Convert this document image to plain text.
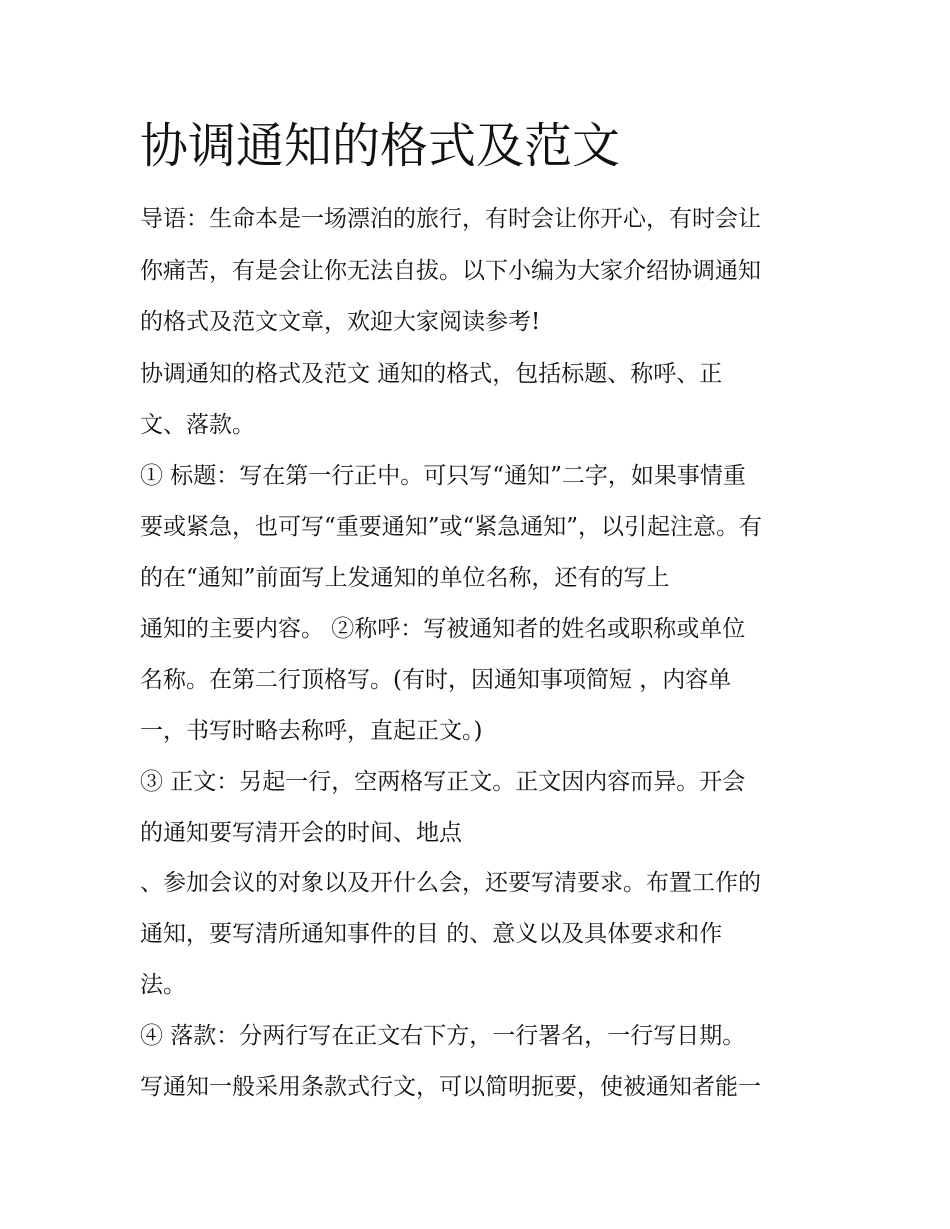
协调通知的格式及范文

导语：生命本是一场漂泊的旅行，有时会让你开心，有时会让

你痛苦，有是会让你无法自拔。以下小编为大家介绍协调通知

的格式及范文文章，欢迎大家阅读参考!

协调通知的格式及范文 通知的格式，包括标题、称呼、正

文、落款。

① 标题：写在第一行正中。可只写“通知”二字，如果事情重

要或紧急，也可写“重要通知”或“紧急通知”，以引起注意。有

的在“通知”前面写上发通知的单位名称，还有的写上

通知的主要内容。 ②称呼：写被通知者的姓名或职称或单位

名称。在第二行顶格写。(有时，因通知事项简短 ，内容单

一，书写时略去称呼，直起正文。)

③ 正文：另起一行，空两格写正文。正文因内容而异。开会

的通知要写清开会的时间、地点

、参加会议的对象以及开什么会，还要写清要求。布置工作的

通知，要写清所通知事件的目 的、意义以及具体要求和作

法。

④ 落款：分两行写在正文右下方，一行署名，一行写日期。

写通知一般采用条款式行文，可以简明扼要，使被通知者能一
